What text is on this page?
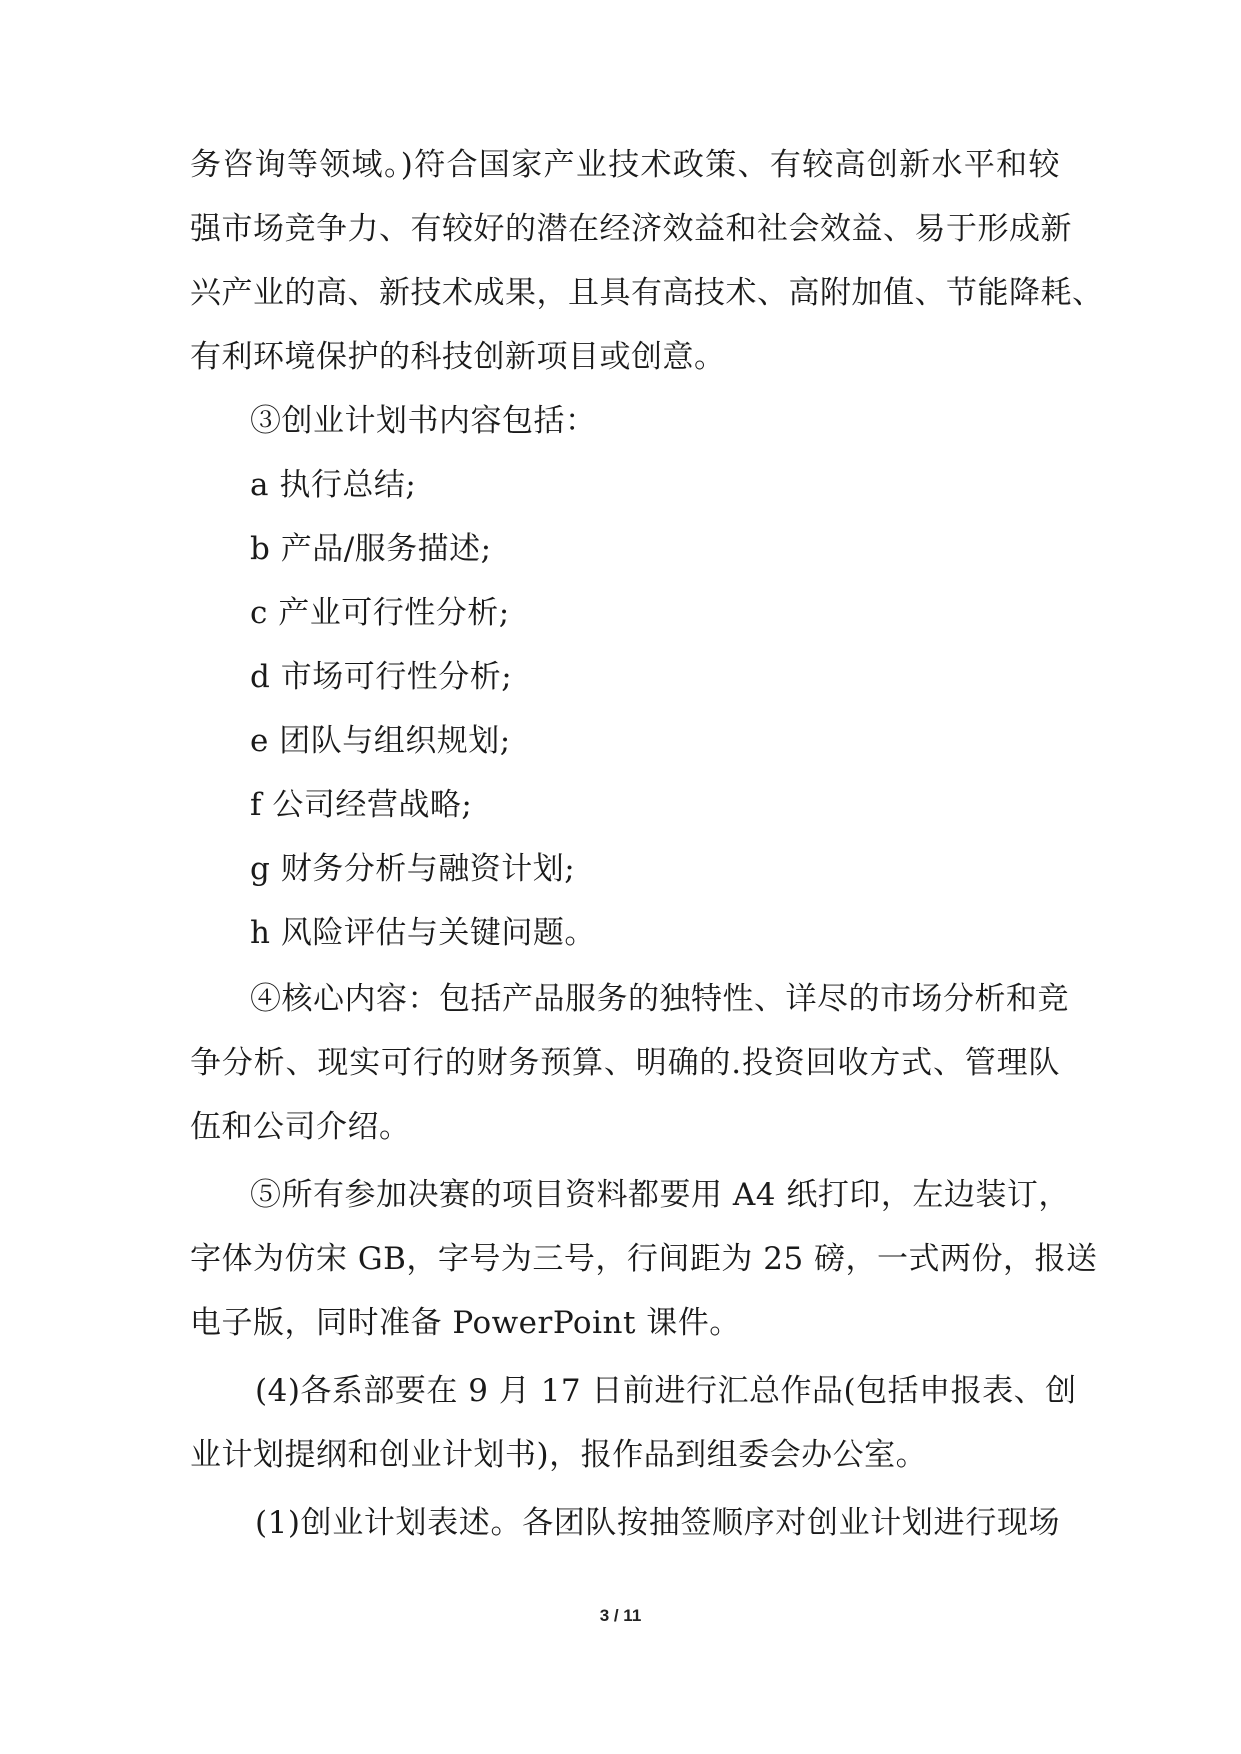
务咨询等领域。)符合国家产业技术政策、有较高创新水平和较
强市场竞争力、有较好的潜在经济效益和社会效益、易于形成新
兴产业的高、新技术成果，且具有高技术、高附加值、节能降耗、
有利环境保护的科技创新项目或创意。
③创业计划书内容包括：
a 执行总结;
b 产品/服务描述;
c 产业可行性分析;
d 市场可行性分析;
e 团队与组织规划;
f 公司经营战略;
g 财务分析与融资计划;
h 风险评估与关键问题。
④核心内容：包括产品服务的独特性、详尽的市场分析和竞
争分析、现实可行的财务预算、明确的.投资回收方式、管理队
伍和公司介绍。
⑤所有参加决赛的项目资料都要用 A4 纸打印，左边装订，
字体为仿宋 GB，字号为三号，行间距为 25 磅，一式两份，报送
电子版，同时准备 PowerPoint 课件。
(4)各系部要在 9 月 17 日前进行汇总作品(包括申报表、创
业计划提纲和创业计划书)，报作品到组委会办公室。
(1)创业计划表述。各团队按抽签顺序对创业计划进行现场
3 / 11
